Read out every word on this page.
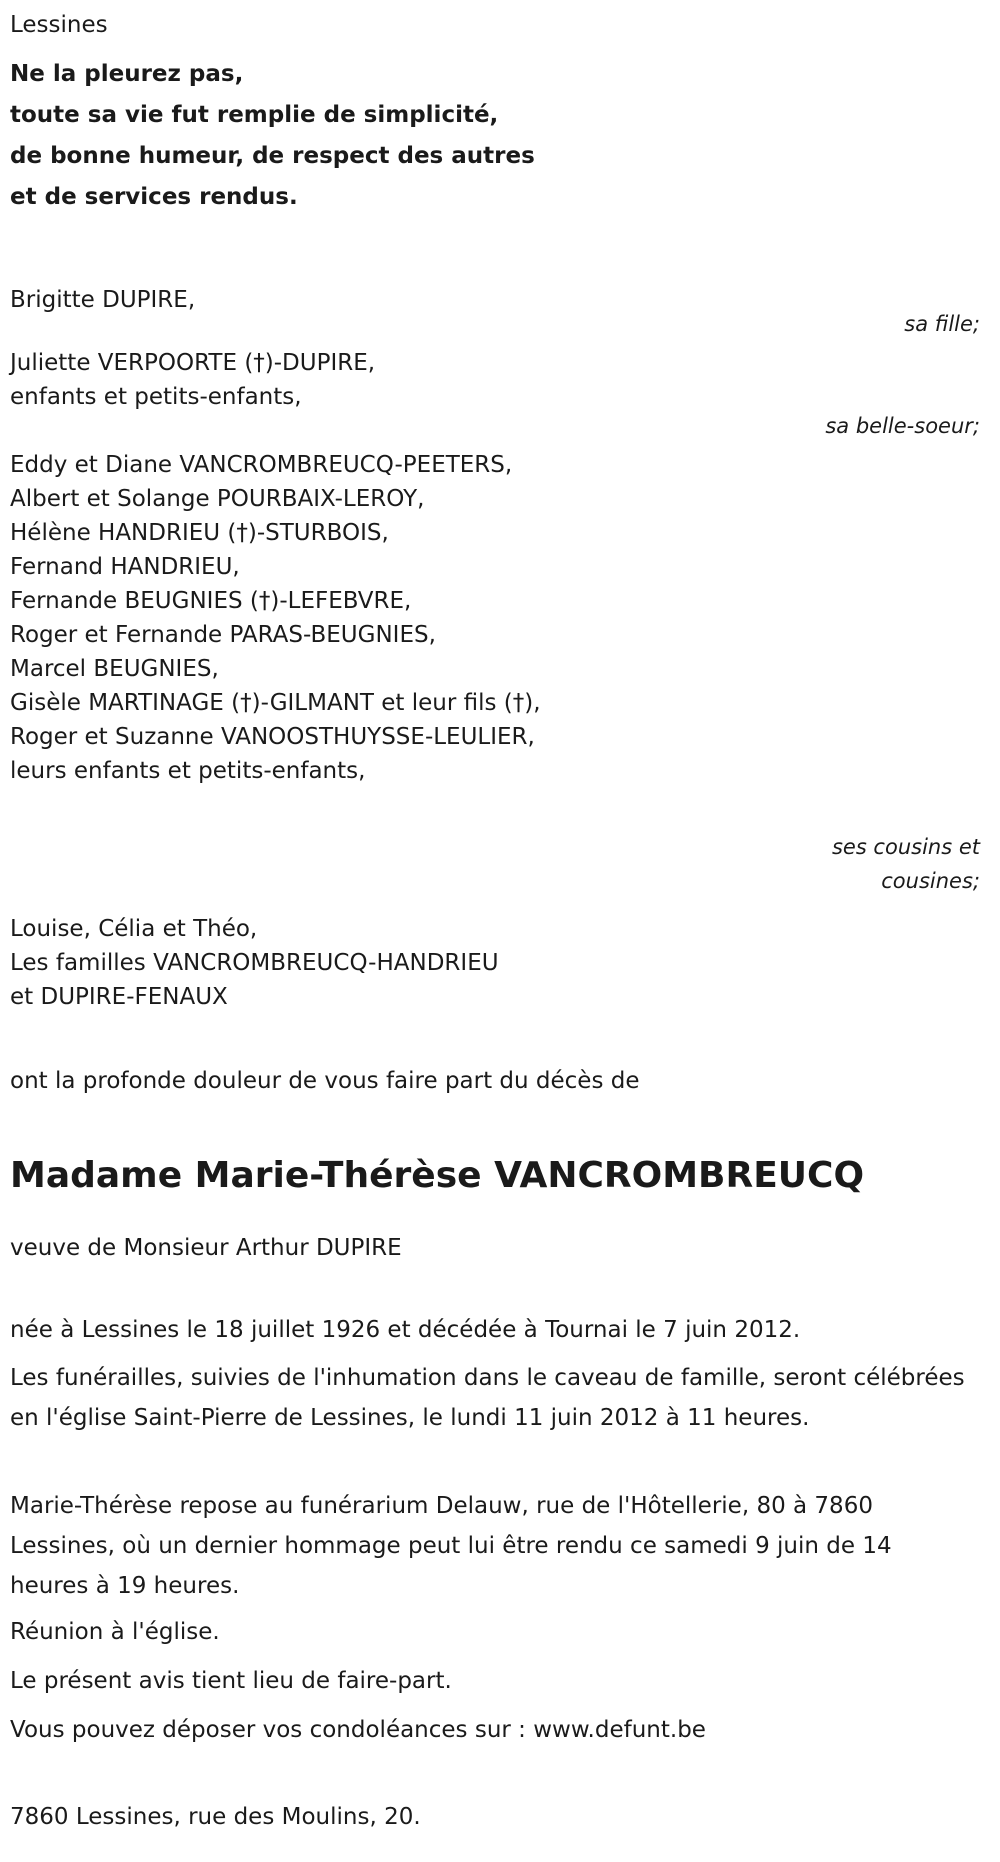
Lessines
Ne la pleurez pas,
toute sa vie fut remplie de simplicité,
de bonne humeur, de respect des autres
et de services rendus.
Brigitte DUPIRE,
sa fille;
Juliette VERPOORTE (†)-DUPIRE,
enfants et petits-enfants,
sa belle-soeur;
Eddy et Diane VANCROMBREUCQ-PEETERS,
Albert et Solange POURBAIX-LEROY,
Hélène HANDRIEU (†)-STURBOIS,
Fernand HANDRIEU,
Fernande BEUGNIES (†)-LEFEBVRE,
Roger et Fernande PARAS-BEUGNIES,
Marcel BEUGNIES,
Gisèle MARTINAGE (†)-GILMANT et leur fils (†),
Roger et Suzanne VANOOSTHUYSSE-LEULIER,
leurs enfants et petits-enfants,
ses cousins et
cousines;
Louise, Célia et Théo,
Les familles VANCROMBREUCQ-HANDRIEU
et DUPIRE-FENAUX
ont la profonde douleur de vous faire part du décès de
Madame Marie-Thérèse VANCROMBREUCQ
veuve de Monsieur Arthur DUPIRE
née à Lessines le 18 juillet 1926 et décédée à Tournai le 7 juin 2012.
Les funérailles, suivies de l'inhumation dans le caveau de famille, seront célébrées en l'église Saint-Pierre de Lessines, le lundi 11 juin 2012 à 11 heures.
Marie-Thérèse repose au funérarium Delauw, rue de l'Hôtellerie, 80 à 7860 Lessines, où un dernier hommage peut lui être rendu ce samedi 9 juin de 14 heures à 19 heures.
Réunion à l'église.
Le présent avis tient lieu de faire-part.
Vous pouvez déposer vos condoléances sur : www.defunt.be
7860 Lessines, rue des Moulins, 20.
